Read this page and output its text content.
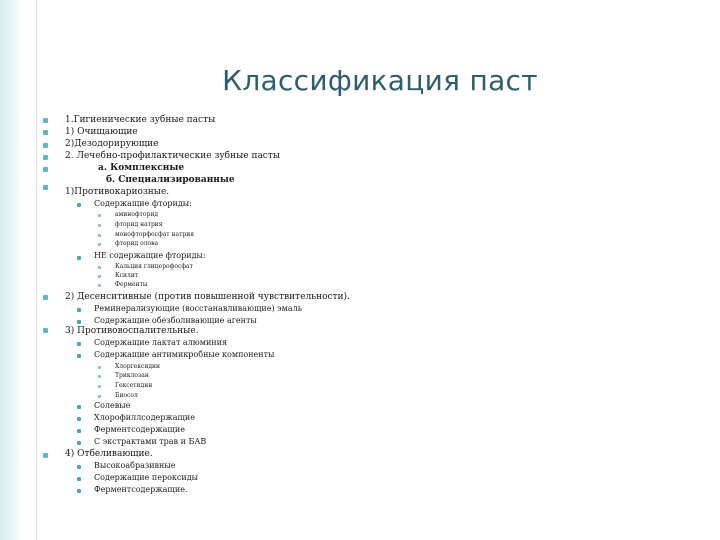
Классификация паст
1.Гигиенические зубные пасты
1) Очищающие
2)Дезодорирующие
2. Лечебно-профилактические зубные пасты
а. Комплексные
б. Специализированные
1)Противокариозные.
Содержащие фториды:
аминофторид
фторид натрия
монофторфосфат натрия
фторид олова
НЕ содержащие фториды:
Кальция глицерофосфат
Ксилит
Ферменты
2) Десенситивные (против повышенной чувствительности).
Реминерализующие (восстанавливающие) эмаль
Содержащие обезболивающие агенты
3) Противовоспалительные.
Содержащие лактат алюминия
Содержащие антимикробные компоненты
Хлоргексидин
Триклозан
Гексетидин
Биосол
Солевые
Хлорофиллсодержащие
Ферментсодержащие
С экстрактами трав и БАВ
4) Отбеливающие.
Высокоабразивные
Содержащие пероксиды
Ферментсодержащие.
